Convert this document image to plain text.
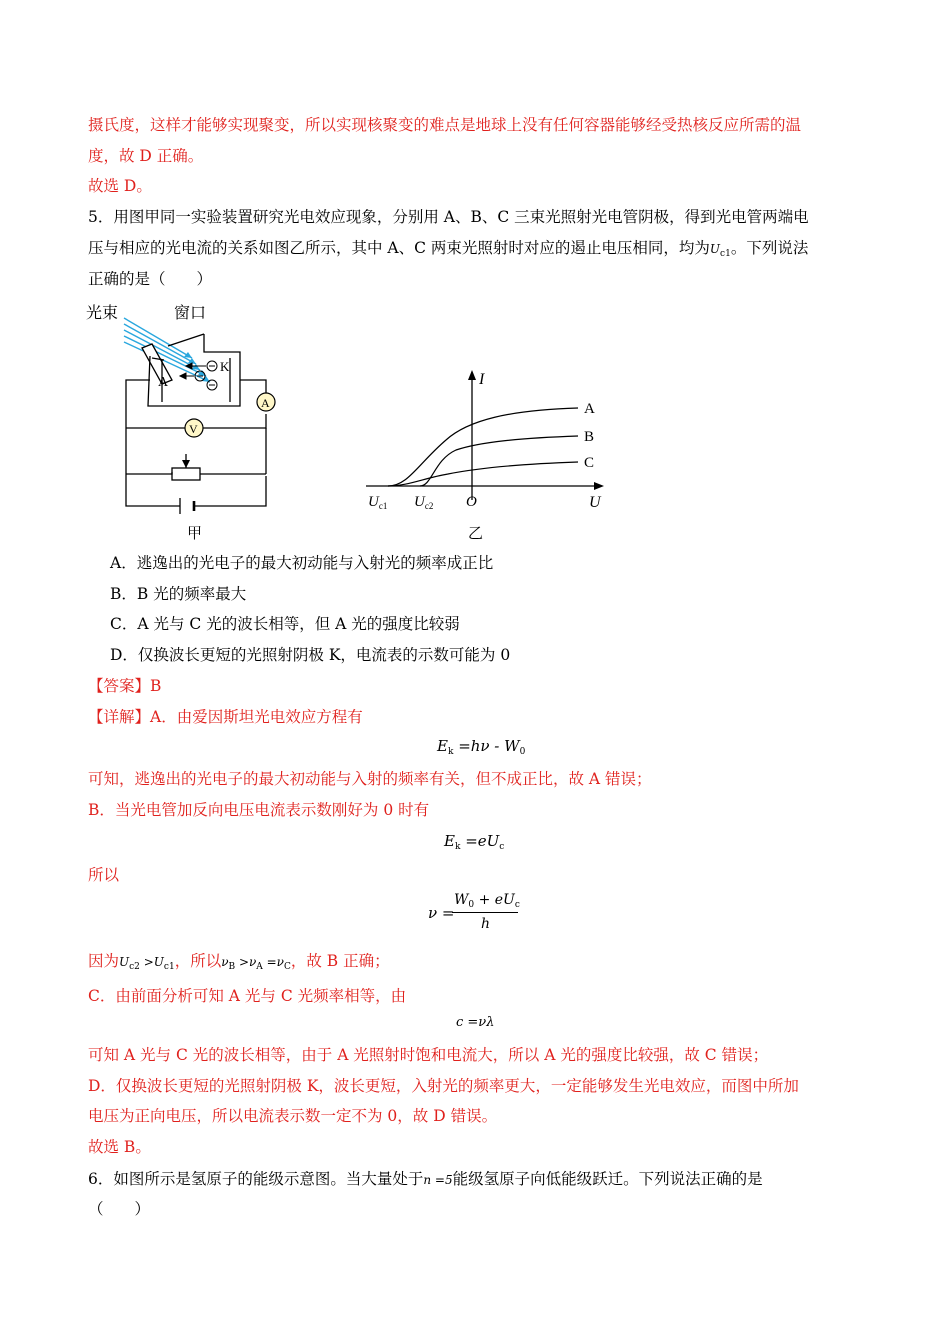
摄氏度，这样才能够实现聚变，所以实现核聚变的难点是地球上没有任何容器能够经受热核反应所需的温
度，故 D 正确。
故选 D。
5．用图甲同一实验装置研究光电效应现象，分别用 A、B、C 三束光照射光电管阴极，得到光电管两端电
压与相应的光电流的关系如图乙所示，其中 A、C 两束光照射时对应的遏止电压相同，均为$U_{c1}$。下列说法
正确的是（　　）
光束	窗口
A
K
A
V
甲
I
U
O
$U_{c1}$ $U_{c2}$
A
B
C
乙
A．逃逸出的光电子的最大初动能与入射光的频率成正比
B．B 光的频率最大
C．A 光与 C 光的波长相等，但 A 光的强度比较弱
D．仅换波长更短的光照射阴极 K，电流表的示数可能为 0
【答案】B
【详解】A．由爱因斯坦光电效应方程有
$E_k =h\nu - W_0$
可知，逃逸出的光电子的最大初动能与入射的频率有关，但不成正比，故 A 错误；
B．当光电管加反向电压电流表示数刚好为 0 时有
$E_k =eU_c$
所以
ν =
$W_0 + eU_c$
h
因为$U_{c2} >U_{c1}$，所以$\nu_B >\nu_A =\nu_C$，故 B 正确；
C．由前面分析可知 A 光与 C 光频率相等，由
c =νλ
可知 A 光与 C 光的波长相等，由于 A 光照射时饱和电流大，所以 A 光的强度比较强，故 C 错误；
D．仅换波长更短的光照射阴极 K，波长更短，入射光的频率更大，一定能够发生光电效应，而图中所加
电压为正向电压，所以电流表示数一定不为 0，故 D 错误。
故选 B。
6．如图所示是氢原子的能级示意图。当大量处于n =5能级氢原子向低能级跃迁。下列说法正确的是
（　　）
